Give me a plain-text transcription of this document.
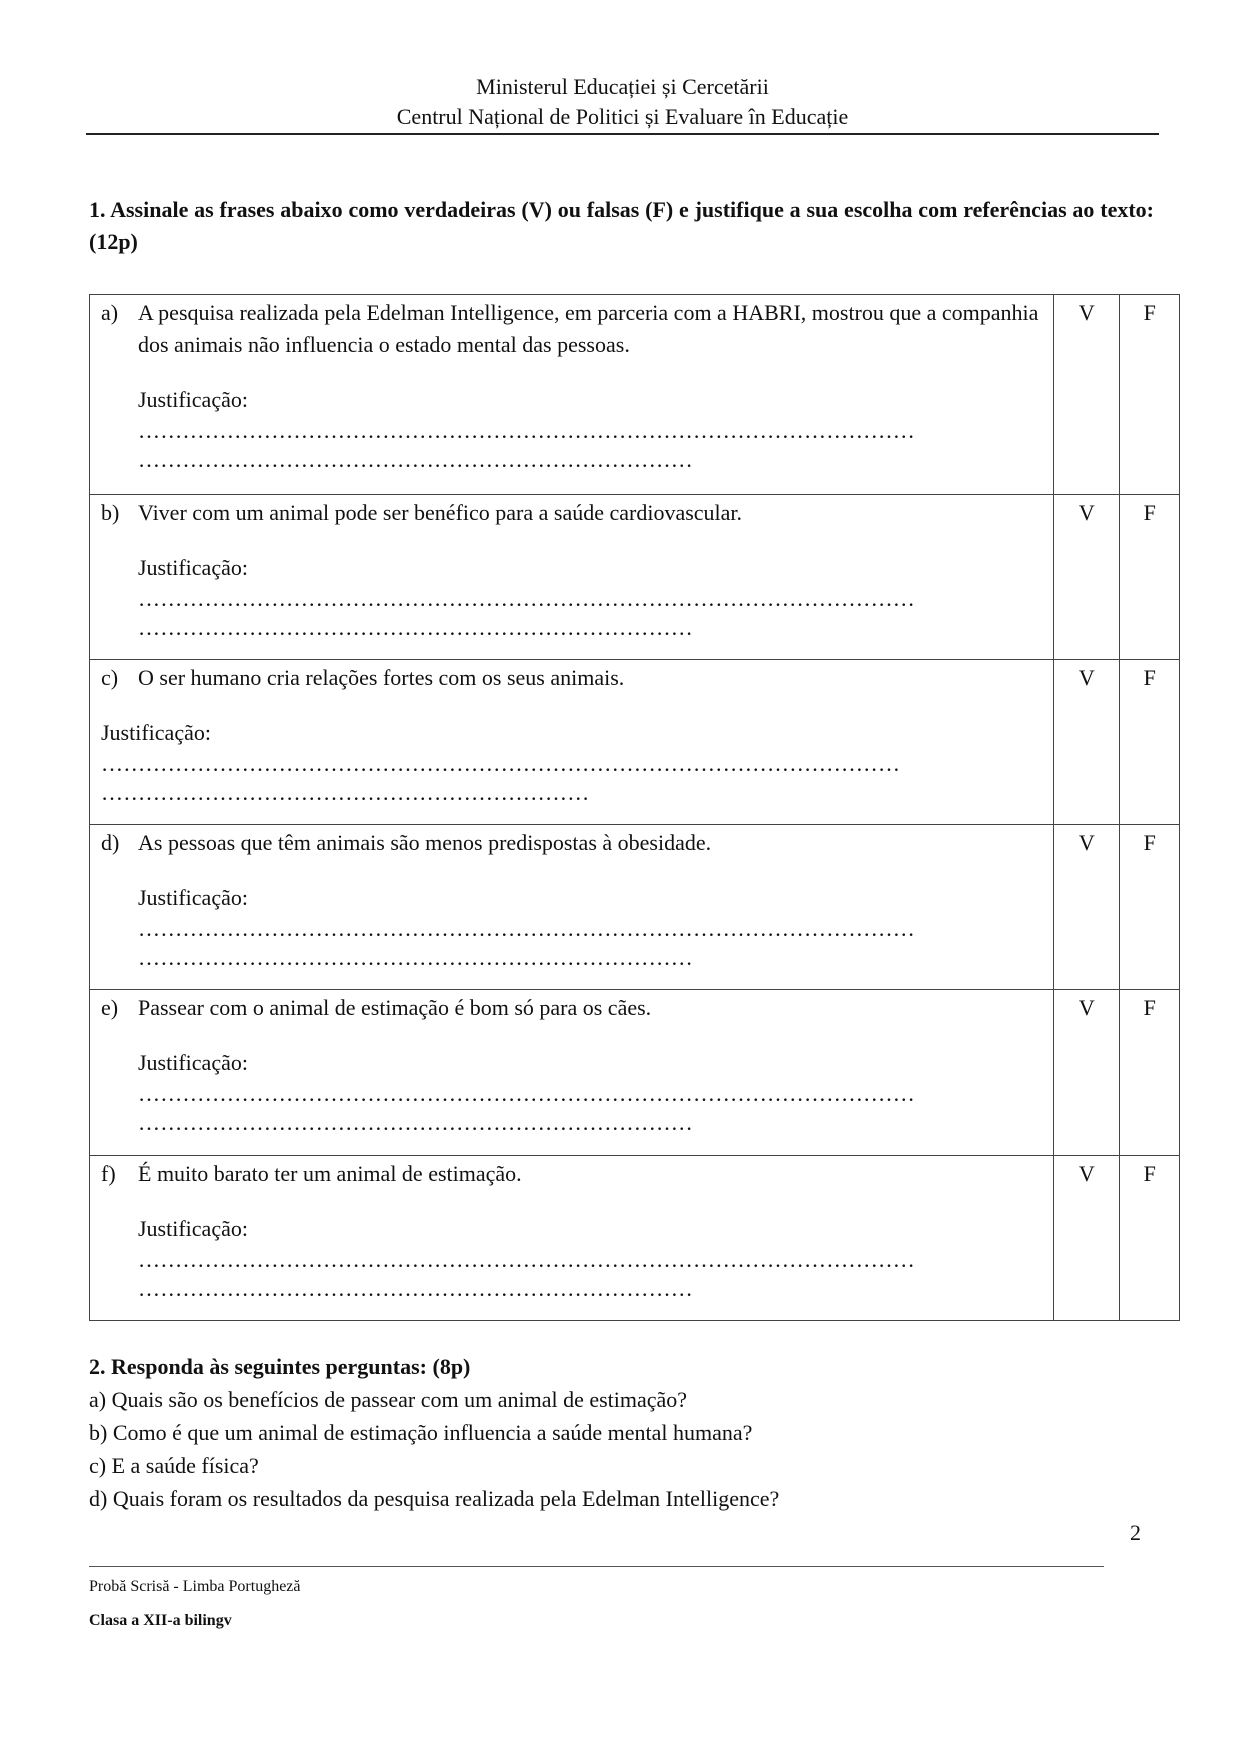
Ministerul Educației și Cercetării
Centrul Național de Politici și Evaluare în Educație
1. Assinale as frases abaixo como verdadeiras (V) ou falsas (F) e justifique a sua escolha com referências ao texto: (12p)
a) A pesquisa realizada pela Edelman Intelligence, em parceria com a HABRI, mostrou que a companhia dos animais não influencia o estado mental das pessoas.
Justificação:
……………………………………………………………………………………………
…………………………………………………………………	V	F

b) Viver com um animal pode ser benéfico para a saúde cardiovascular.
Justificação:
……………………………………………………………………………………………
…………………………………………………………………	V	F

c) O ser humano cria relações fortes com os seus animais.
Justificação:
………………………………………………………………………………………………
…………………………………………………………	V	F

d) As pessoas que têm animais são menos predispostas à obesidade.
Justificação:
……………………………………………………………………………………………
…………………………………………………………………	V	F

e) Passear com o animal de estimação é bom só para os cães.
Justificação:
……………………………………………………………………………………………
…………………………………………………………………	V	F

f) É muito barato ter um animal de estimação.
Justificação:
……………………………………………………………………………………………
…………………………………………………………………	V	F
2. Responda às seguintes perguntas: (8p)
a) Quais são os benefícios de passear com um animal de estimação?
b) Como é que um animal de estimação influencia a saúde mental humana?
c) E a saúde física?
d) Quais foram os resultados da pesquisa realizada pela Edelman Intelligence?
2
Probă Scrisă - Limba Portugheză
Clasa a XII-a bilingv
